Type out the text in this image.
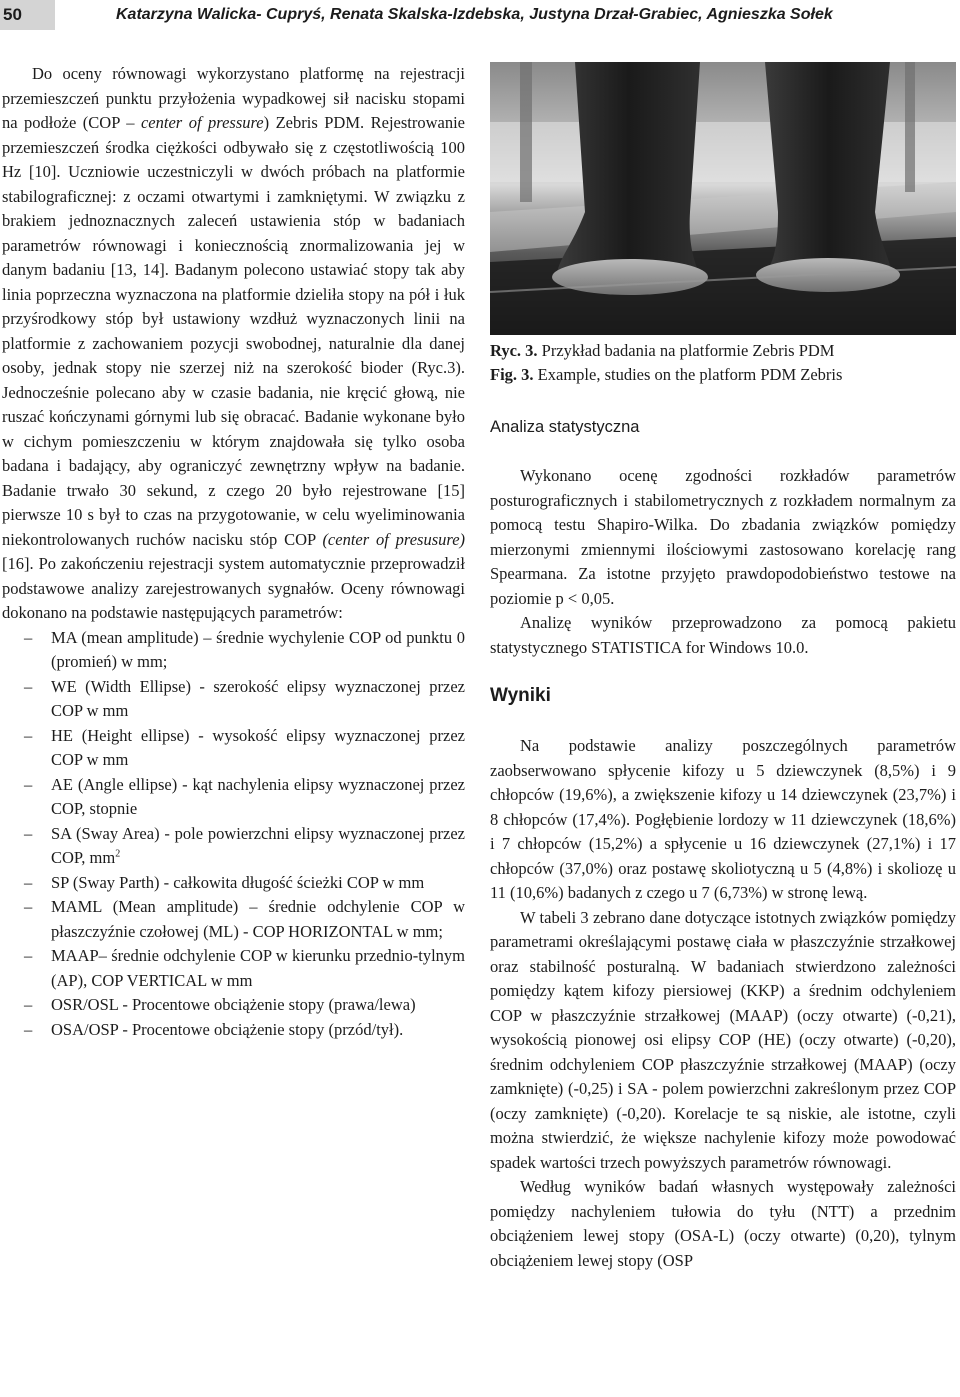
50	Katarzyna Walicka- Cupryś, Renata Skalska-Izdebska, Justyna Drzał-Grabiec, Agnieszka Sołek

Do oceny równowagi wykorzystano platformę na rejestracji przemieszczeń punktu przyłożenia wypadkowej sił nacisku stopami na podłoże (COP – center of pressure) Zebris PDM. Rejestrowanie przemieszczeń środka ciężkości odbywało się z częstotliwością 100 Hz [10]. Uczniowie uczestniczyli w dwóch próbach na platformie stabilograficznej: z oczami otwartymi i zamkniętymi. W związku z brakiem jednoznacznych zaleceń ustawienia stóp w badaniach parametrów równowagi i koniecznością znormalizowania jej w danym badaniu [13, 14]. Badanym polecono ustawiać stopy tak aby linia poprzeczna wyznaczona na platformie dzieliła stopy na pół i łuk przyśrodkowy stóp był ustawiony wzdłuż wyznaczonych linii na platformie z zachowaniem pozycji swobodnej, naturalnie dla danej osoby, jednak stopy nie szerzej niż na szerokość bioder (Ryc.3). Jednocześnie polecano aby w czasie badania, nie kręcić głową, nie ruszać kończynami górnymi lub się obracać. Badanie wykonane było w cichym pomieszczeniu w którym znajdowała się tylko osoba badana i badający, aby ograniczyć zewnętrzny wpływ na badanie. Badanie trwało 30 sekund, z czego 20 było rejestrowane [15] pierwsze 10 s był to czas na przygotowanie, w celu wyeliminowania niekontrolowanych ruchów nacisku stóp COP (center of presusure) [16]. Po zakończeniu rejestracji system automatycznie przeprowadził podstawowe analizy zarejestrowanych sygnałów. Oceny równowagi dokonano na podstawie następujących parametrów:

– MA (mean amplitude) – średnie wychylenie COP od punktu 0 (promień) w mm;
– WE (Width Ellipse) - szerokość elipsy wyznaczonej przez COP w mm
– HE (Height ellipse) - wysokość elipsy wyznaczonej przez COP w mm
– AE (Angle ellipse) - kąt nachylenia elipsy wyznaczonej przez COP, stopnie
– SA (Sway Area) - pole powierzchni elipsy wyznaczonej przez COP, $mm^2$
– SP (Sway Parth) - całkowita długość ścieżki COP w mm
– MAML (Mean amplitude) – średnie odchylenie COP w płaszczyźnie czołowej (ML) - COP HORIZONTAL w mm;
– MAAP– średnie odchylenie COP w kierunku przednio-tylnym (AP), COP VERTICAL w mm
– OSR/OSL - Procentowe obciążenie stopy (prawa/lewa)
– OSA/OSP - Procentowe obciążenie stopy (przód/tył).
Ryc. 3. Przykład badania na platformie Zebris PDM
Fig. 3. Example, studies on the platform PDM Zebris
Analiza statystyczna

Wykonano ocenę zgodności rozkładów parametrów posturograficznych i stabilometrycznych z rozkładem normalnym za pomocą testu Shapiro-Wilka. Do zbadania związków pomiędzy mierzonymi zmiennymi ilościowymi zastosowano korelację rang Spearmana. Za istotne przyjęto prawdopodobieństwo testowe na poziomie p < 0,05.

Analizę wyników przeprowadzono za pomocą pakietu statystycznego STATISTICA for Windows 10.0.

Wyniki

Na podstawie analizy poszczególnych parametrów zaobserwowano spłycenie kifozy u 5 dziewczynek (8,5%) i 9 chłopców (19,6%), a zwiększenie kifozy u 14 dziewczynek (23,7%) i 8 chłopców (17,4%). Pogłębienie lordozy w 11 dziewczynek (18,6%) i 7 chłopców (15,2%) a spłycenie u 16 dziewczynek (27,1%) i 17 chłopców (37,0%) oraz postawę skoliotyczną u 5 (4,8%) i skoliozę u 11 (10,6%) badanych z czego u 7 (6,73%) w stronę lewą.

W tabeli 3 zebrano dane dotyczące istotnych związków pomiędzy parametrami określającymi postawę ciała w płaszczyźnie strzałkowej oraz stabilność posturalną. W badaniach stwierdzono zależności pomiędzy kątem kifozy piersiowej (KKP) a średnim odchyleniem COP w płaszczyźnie strzałkowej (MAAP) (oczy otwarte) (-0,21), wysokością pionowej osi elipsy COP (HE) (oczy otwarte) (-0,20), średnim odchyleniem COP płaszczyźnie strzałkowej (MAAP) (oczy zamknięte) (-0,25) i SA - polem powierzchni zakreślonym przez COP (oczy zamknięte) (-0,20). Korelacje te są niskie, ale istotne, czyli można stwierdzić, że większe nachylenie kifozy może powodować spadek wartości trzech powyższych parametrów równowagi.

Według wyników badań własnych występowały zależności pomiędzy nachyleniem tułowia do tyłu (NTT) a przednim obciążeniem lewej stopy (OSA-L) (oczy otwarte) (0,20), tylnym obciążeniem lewej stopy (OSP
